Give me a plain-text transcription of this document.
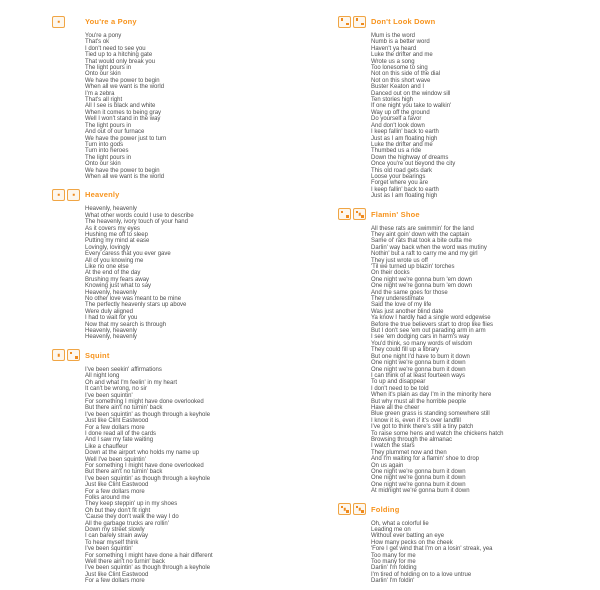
You're a Pony
You're a pony
That's ok
I don't need to see you
Tied up to a hitching gate
That would only break you
The light pours in
Onto our skin
We have the power to begin
When all we want is the world
I'm a zebra
That's all right
All I see is black and white
When it comes to being gray
Well I won't stand in the way
The light pours in
And out of our furnace
We have the power just to turn
Turn into gods
Turn into heroes
The light pours in
Onto our skin
We have the power to begin
When all we want is the world
Heavenly
Heavenly, heavenly
What other words could I use to describe
The heavenly, ivory touch of your hand
As it covers my eyes
Hushing me off to sleep
Putting my mind at ease
Lovingly, lovingly
Every caress that you ever gave
All of you knowing me
Like no one else
At the end of the day
Brushing my fears away
Knowing just what to say
Heavenly, heavenly
No other love was meant to be mine
The perfectly heavenly stars up above
Were duly aligned
I had to wait for you
Now that my search is through
Heavenly, heavenly
Heavenly, heavenly
Squint
I've been seekin' affirmations
All night long
Oh and what I'm feelin' in my heart
It can't be wrong, no sir
I've been squintin'
For something I might have done overlooked
But there ain't no turnin' back
I've been squintin' as though through a keyhole
Just like Clint Eastwood
For a few dollars more
I done read all of the cards
And I saw my fate waiting
Like a chauffeur
Down at the airport who holds my name up
Well I've been squintin'
For something I might have done overlooked
But there ain't no turnin' back
I've been squintin' as though through a keyhole
Just like Clint Eastwood
For a few dollars more
Folks around me
They keep steppin' up in my shoes
Oh but they don't fit right
'Cause they don't walk the way I do
All the garbage trucks are rollin'
Down my street slowly
I can barely strain away
To hear myself think
I've been squintin'
For something I might have done a hair different
Well there ain't no turnin' back
I've been squintin' as though through a keyhole
Just like Clint Eastwood
For a few dollars more
Don't Look Down
Mum is the word
Numb is a better word
Haven't ya heard
Luke the drifter and me
Wrote us a song
Too lonesome to sing
Not on this side of the dial
Not on this short wave
Buster Keaton and I
Danced out on the window sill
Ten stories high
If one night you take to walkin'
Way up off the ground
Do yourself a favor
And don't look down
I keep fallin' back to earth
Just as I am floating high
Luke the drifter and me
Thumbed us a ride
Down the highway of dreams
Once you're out beyond the city
This old road gets dark
Loose your bearings
Forget where you are
I keep fallin' back to earth
Just as I am floating high
Flamin' Shoe
All these rats are swimmin' for the land
They aint goin' down with the captain
Same ol' rats that took a bite outta me
Darlin' way back when the word was mutiny
Nothin' but a raft to carry me and my girl
They just wrote us off
'Til we turned up blazin' torches
On their docks
One night we're gonna burn 'em down
One night we're gonna burn 'em down
And the same goes for those
They underestimate
Said the love of my life
Was just another blind date
Ya know I hardly had a single word edgewise
Before the true believers start to drop like flies
But I don't see 'em out parading arm in arm
I see 'em dodging cars in harm's way
You'd think, so many words of wisdom
They could fill up a library
But one night I'd have to burn it down
One night we're gonna burn it down
One night we're gonna burn it down
I can think of at least fourteen ways
To up and disappear
I don't need to be told
When it's plain as day I'm in the minority here
But why must all the horrible people
Have all the cheer
Blue green grass is standing somewhere still
I know it is, even if it's over landfill
I've got to think there's still a tiny patch
To raise some hens and watch the chickens hatch
Browsing through the almanac
I watch the stars
They plummet now and then
And I'm waiting for a flamin' shoe to drop
On us again
One night we're gonna burn it down
One night we're gonna burn it down
One night we're gonna burn it down
At midnight we're gonna burn it down
Folding
Oh, what a colorful lie
Leading me on
Without ever batting an eye
How many pecks on the cheek
'Fore I get wind that I'm on a losin' streak, yea
Too many for me
Too many for me
Darlin' I'm folding
I'm tired of holding on to a love untrue
Darlin' I'm foldin'
